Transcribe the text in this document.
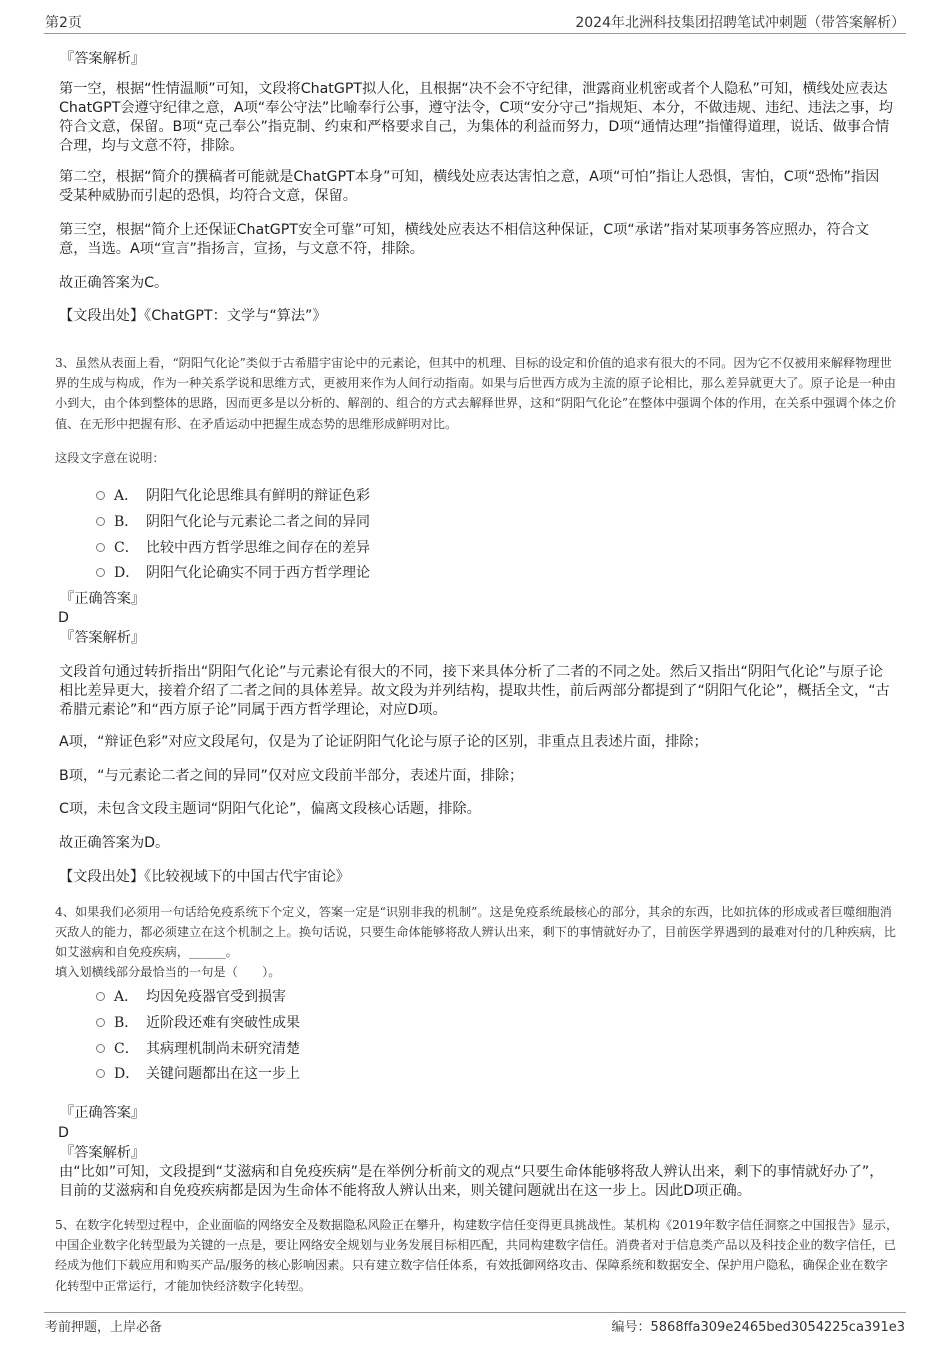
第2页	2024年北洲科技集团招聘笔试冲刺题（带答案解析）
『答案解析』
第一空，根据“性情温顺”可知，文段将ChatGPT拟人化，且根据“决不会不守纪律，泄露商业机密或者个人隐私”可知，横线处应表达ChatGPT会遵守纪律之意，A项“奉公守法”比喻奉行公事，遵守法令，C项“安分守己”指规矩、本分，不做违规、违纪、违法之事，均符合文意，保留。B项“克己奉公”指克制、约束和严格要求自己，为集体的利益而努力，D项“通情达理”指懂得道理，说话、做事合情合理，均与文意不符，排除。
第二空，根据“简介的撰稿者可能就是ChatGPT本身”可知，横线处应表达害怕之意，A项“可怕”指让人恐惧，害怕，C项“恐怖”指因受某种威胁而引起的恐惧，均符合文意，保留。
第三空，根据“简介上还保证ChatGPT安全可靠”可知，横线处应表达不相信这种保证，C项“承诺”指对某项事务答应照办，符合文意，当选。A项“宣言”指扬言，宣扬，与文意不符，排除。
故正确答案为C。
【文段出处】《ChatGPT：文学与“算法”》
3、虽然从表面上看，“阴阳气化论”类似于古希腊宇宙论中的元素论，但其中的机理、目标的设定和价值的追求有很大的不同。因为它不仅被用来解释物理世界的生成与构成，作为一种关系学说和思维方式，更被用来作为人间行动指南。如果与后世西方成为主流的原子论相比，那么差异就更大了。原子论是一种由小到大，由个体到整体的思路，因而更多是以分析的、解剖的、组合的方式去解释世界，这和“阴阳气化论”在整体中强调个体的作用，在关系中强调个体之价值、在无形中把握有形、在矛盾运动中把握生成态势的思维形成鲜明对比。
这段文字意在说明：
A． 阴阳气化论思维具有鲜明的辩证色彩
B． 阴阳气化论与元素论二者之间的异同
C． 比较中西方哲学思维之间存在的差异
D． 阴阳气化论确实不同于西方哲学理论
『正确答案』
D
『答案解析』
文段首句通过转折指出“阴阳气化论”与元素论有很大的不同，接下来具体分析了二者的不同之处。然后又指出“阴阳气化论”与原子论相比差异更大，接着介绍了二者之间的具体差异。故文段为并列结构，提取共性，前后两部分都提到了“阴阳气化论”，概括全文，“古希腊元素论”和“西方原子论”同属于西方哲学理论，对应D项。
A项，“辩证色彩”对应文段尾句，仅是为了论证阴阳气化论与原子论的区别，非重点且表述片面，排除；
B项，“与元素论二者之间的异同”仅对应文段前半部分，表述片面，排除；
C项，未包含文段主题词“阴阳气化论”，偏离文段核心话题，排除。
故正确答案为D。
【文段出处】《比较视域下的中国古代宇宙论》
4、如果我们必须用一句话给免疫系统下个定义，答案一定是“识别非我的机制”。这是免疫系统最核心的部分，其余的东西，比如抗体的形成或者巨噬细胞消灭敌人的能力，都必须建立在这个机制之上。换句话说，只要生命体能够将敌人辨认出来，剩下的事情就好办了，目前医学界遇到的最难对付的几种疾病，比如艾滋病和自免疫疾病，______。
填入划横线部分最恰当的一句是（　　）。
A． 均因免疫器官受到损害
B． 近阶段还难有突破性成果
C． 其病理机制尚未研究清楚
D． 关键问题都出在这一步上
『正确答案』
D
『答案解析』
由“比如”可知，文段提到“艾滋病和自免疫疾病”是在举例分析前文的观点“只要生命体能够将敌人辨认出来，剩下的事情就好办了”，目前的艾滋病和自免疫疾病都是因为生命体不能将敌人辨认出来，则关键问题就出在这一步上。因此D项正确。
5、在数字化转型过程中，企业面临的网络安全及数据隐私风险正在攀升，构建数字信任变得更具挑战性。某机构《2019年数字信任洞察之中国报告》显示，中国企业数字化转型最为关键的一点是，要让网络安全规划与业务发展目标相匹配，共同构建数字信任。消费者对于信息类产品以及科技企业的数字信任，已经成为他们下载应用和购买产品/服务的核心影响因素。只有建立数字信任体系，有效抵御网络攻击、保障系统和数据安全、保护用户隐私，确保企业在数字化转型中正常运行，才能加快经济数字化转型。
考前押题，上岸必备	编号：5868ffa309e2465bed3054225ca391e3
